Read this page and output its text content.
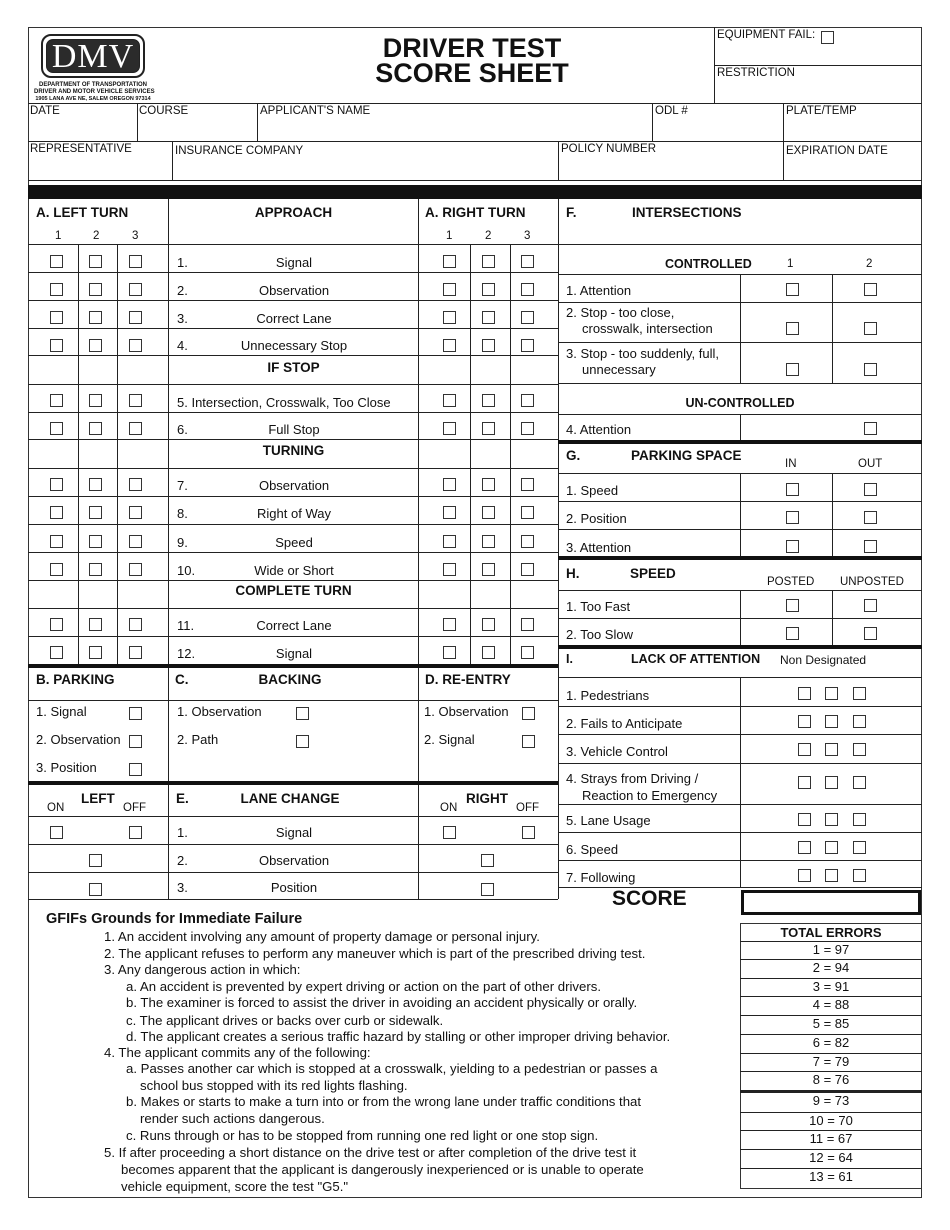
DMV
DEPARTMENT OF TRANSPORTATION
DRIVER AND MOTOR VEHICLE SERVICES
1905 LANA AVE NE, SALEM OREGON 97314
DRIVER TEST
SCORE SHEET
EQUIPMENT FAIL:
RESTRICTION
DATE	COURSE	APPLICANT'S NAME	ODL #	PLATE/TEMP
REPRESENTATIVE	INSURANCE COMPANY	POLICY NUMBER	EXPIRATION DATE
A. LEFT TURN
1	2	3
APPROACH	A. RIGHT TURN
1	2	3
1.	Signal
2.	Observation
3.	Correct Lane
4.	Unnecessary Stop
IF STOP
5. Intersection, Crosswalk, Too Close
6.	Full Stop
TURNING
7.	Observation
8.	Right of Way
9.	Speed
10.	Wide or Short
COMPLETE TURN
11.	Correct Lane
12.	Signal
B. PARKING	C.	BACKING	D. RE-ENTRY
1. Signal
2. Observation
3. Position
1. Observation
2. Path
1. Observation
2. Signal
ON
LEFT
OFF
E.	LANE CHANGE
ON
RIGHT
OFF
1.	Signal
2.	Observation
3.	Position
F.	INTERSECTIONS
CONTROLLED	1	2
1. Attention
2. Stop - too close,
crosswalk, intersection
3. Stop - too suddenly, full,
unnecessary
UN-CONTROLLED
4. Attention
G.	PARKING SPACE
IN	OUT
1. Speed
2. Position
3. Attention
H.	SPEED
POSTED UNPOSTED
1. Too Fast
2. Too Slow
I.	LACK OF ATTENTION Non Designated
1. Pedestrians
2. Fails to Anticipate
3. Vehicle Control
4. Strays from Driving /
Reaction to Emergency
5. Lane Usage
6. Speed
7. Following
SCORE
TOTAL ERRORS
1 = 97
2 = 94
3 = 91
4 = 88
5 = 85
6 = 82
7 = 79
8 = 76
9 = 73
10 = 70
11 = 67
12 = 64
13 = 61
GFIFs Grounds for Immediate Failure
1. An accident involving any amount of property damage or personal injury.
2. The applicant refuses to perform any maneuver which is part of the prescribed driving test.
3. Any dangerous action in which:
a. An accident is prevented by expert driving or action on the part of other drivers.
b. The examiner is forced to assist the driver in avoiding an accident physically or orally.
c. The applicant drives or backs over curb or sidewalk.
d. The applicant creates a serious traffic hazard by stalling or other improper driving behavior.
4. The applicant commits any of the following:
a. Passes another car which is stopped at a crosswalk, yielding to a pedestrian or passes a
school bus stopped with its red lights flashing.
b. Makes or starts to make a turn into or from the wrong lane under traffic conditions that
render such actions dangerous.
c. Runs through or has to be stopped from running one red light or one stop sign.
5. If after proceeding a short distance on the drive test or after completion of the drive test it
becomes apparent that the applicant is dangerously inexperienced or is unable to operate
vehicle equipment, score the test "G5."
